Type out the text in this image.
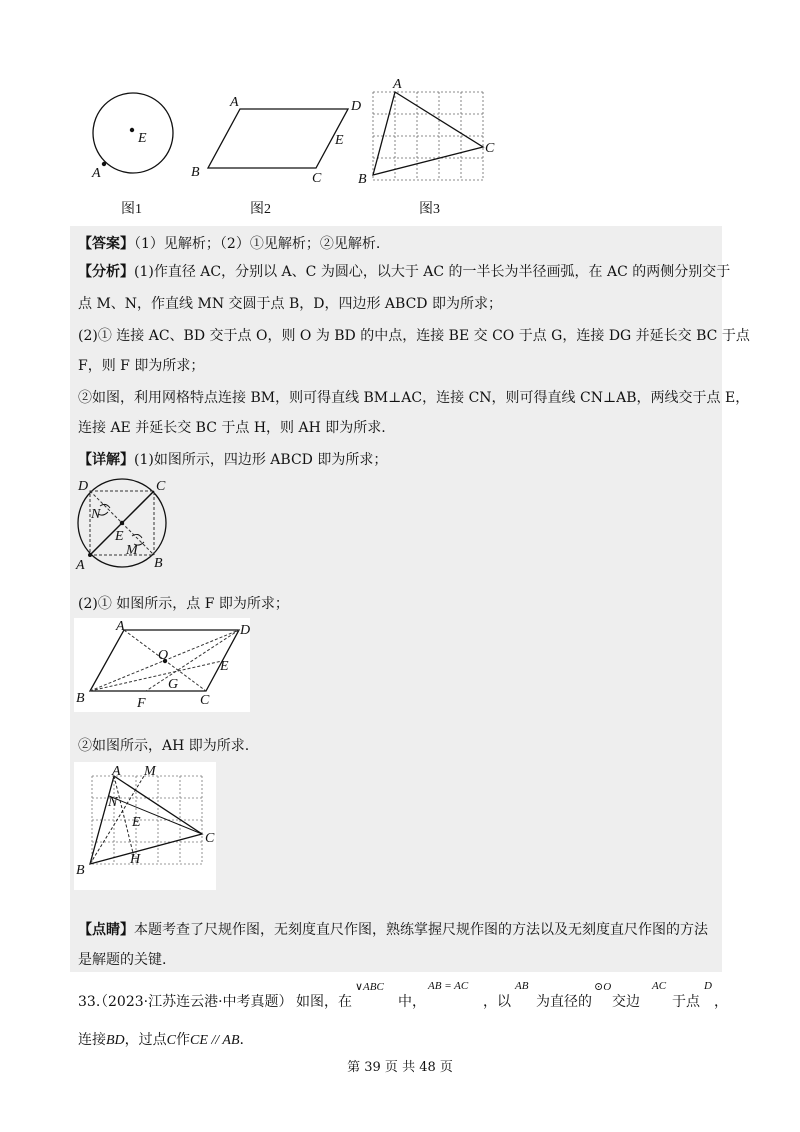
E
A
图1
A	D
E
B	C
图2
A
C
B
图3
【答案】（1）见解析；（2）①见解析；②见解析.
【分析】(1)作直径 AC，分别以 A、C 为圆心，以大于 AC 的一半长为半径画弧，在 AC 的两侧分别交于
点 M、N，作直线 MN 交圆于点 B，D，四边形 ABCD 即为所求；
(2)① 连接 AC、BD 交于点 O，则 O 为 BD 的中点，连接 BE 交 CO 于点 G，连接 DG 并延长交 BC 于点
F，则 F 即为所求；
②如图，利用网格特点连接 BM，则可得直线 BM⊥AC，连接 CN，则可得直线 CN⊥AB，两线交于点 E，
连接 AE 并延长交 BC 于点 H，则 AH 即为所求.
【详解】(1)如图所示，四边形 ABCD 即为所求；
D	C
N
E
M
A	B
(2)① 如图所示，点 F 即为所求；
A	D
O
E
G
B	F	C
②如图所示，AH 即为所求.
A M
N
E
C
H
B
【点睛】本题考查了尺规作图，无刻度直尺作图，熟练掌握尺规作图的方法以及无刻度直尺作图的方法
是解题的关键.
33.
（2023·江苏连云港·中考真题） 如图，在
∨ABC
中，
AB = AC
，以
AB
为直径的
⊙O
交边
AC
于点
D
，
连接BD，过点C作CE // AB.
第 39 页 共 48 页
